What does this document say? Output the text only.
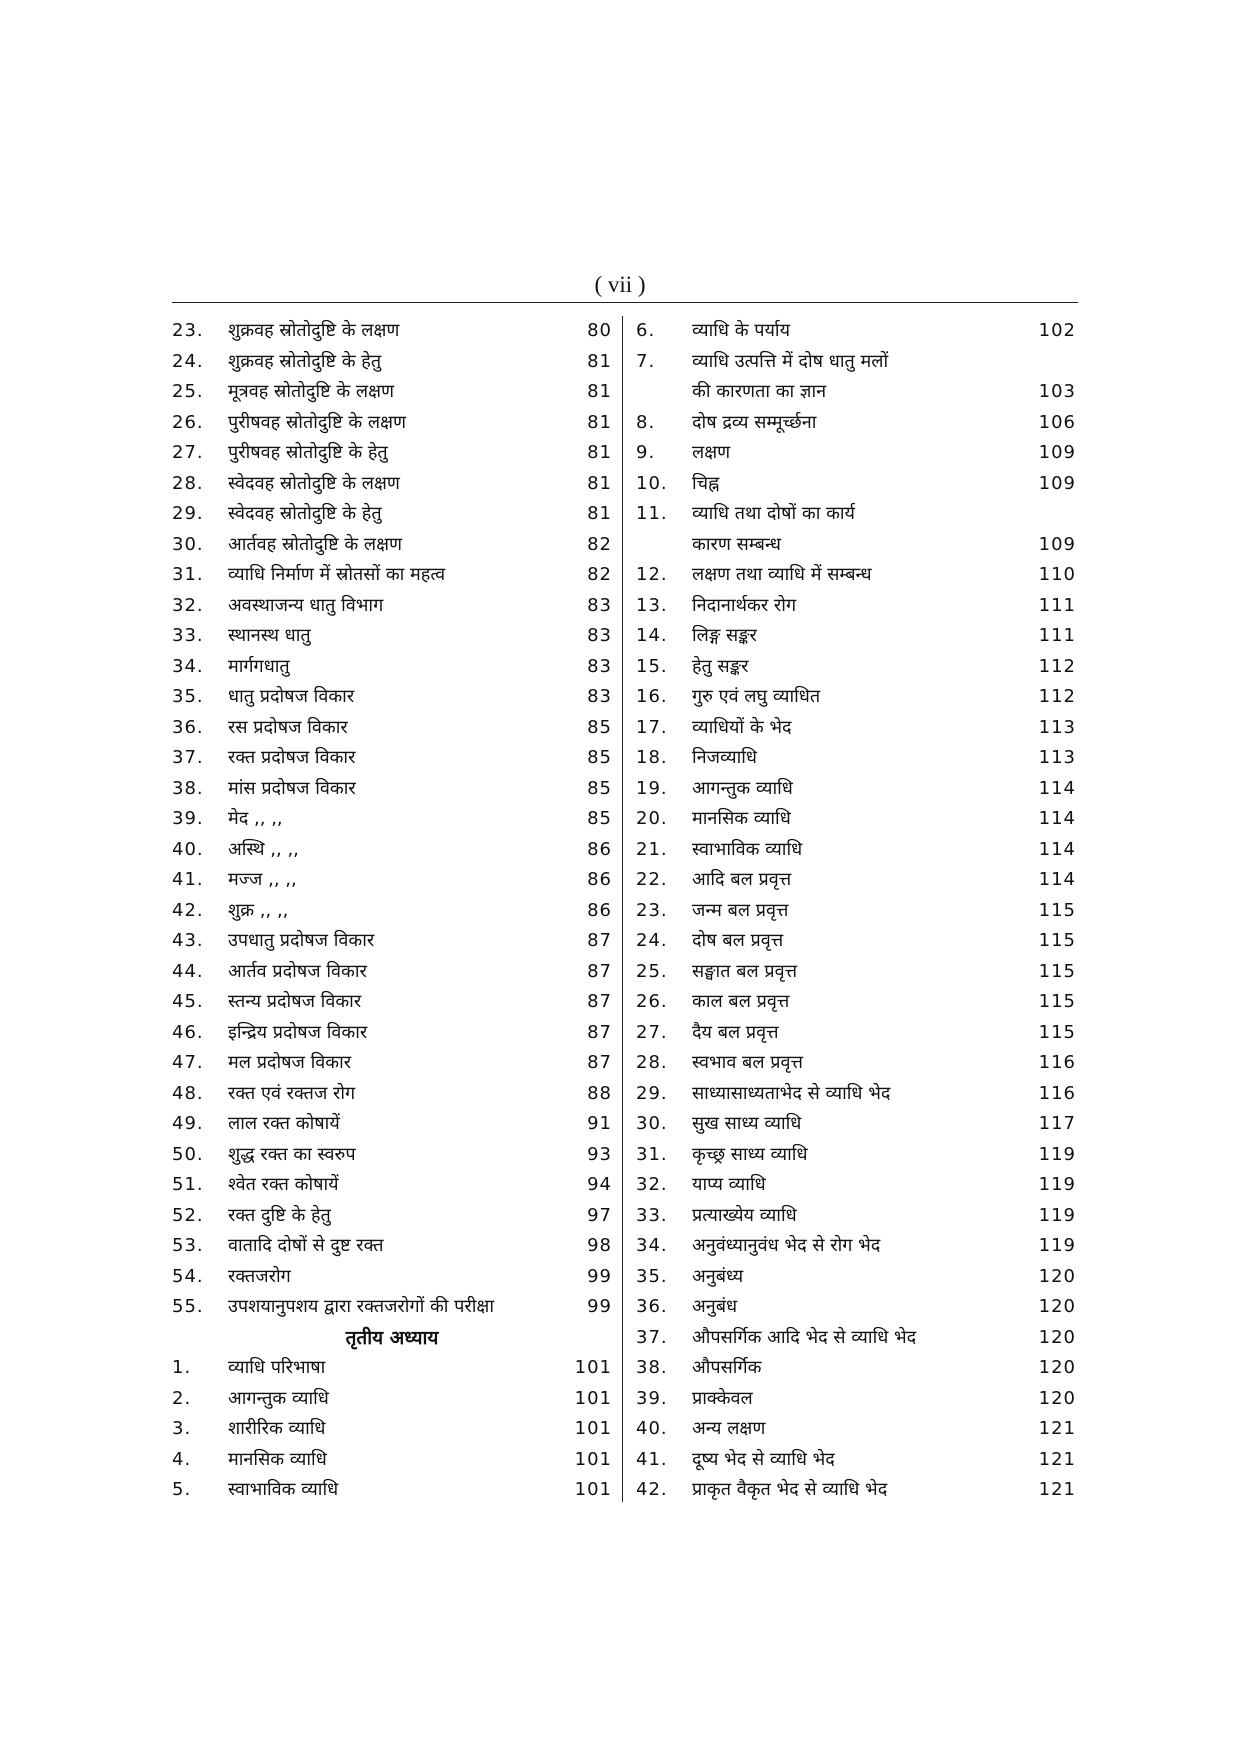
( vii )
23.	शुक्रवह स्रोतोदुष्टि के लक्षण	80
24.	शुक्रवह स्रोतोदुष्टि के हेतु	81
25.	मूत्रवह स्रोतोदुष्टि के लक्षण	81
26.	पुरीषवह स्रोतोदुष्टि के लक्षण	81
27.	पुरीषवह स्रोतोदुष्टि के हेतु	81
28.	स्वेदवह स्रोतोदुष्टि के लक्षण	81
29.	स्वेदवह स्रोतोदुष्टि के हेतु	81
30.	आर्तवह स्रोतोदुष्टि के लक्षण	82
31.	व्याधि निर्माण में स्रोतसों का महत्व	82
32.	अवस्थाजन्य धातु विभाग	83
33.	स्थानस्थ धातु	83
34.	मार्गगधातु	83
35.	धातु प्रदोषज विकार	83
36.	रस प्रदोषज विकार	85
37.	रक्त प्रदोषज विकार	85
38.	मांस प्रदोषज विकार	85
39.	मेद ,, ,,	85
40.	अस्थि ,, ,,	86
41.	मज्ज ,, ,,	86
42.	शुक्र ,, ,,	86
43.	उपधातु प्रदोषज विकार	87
44.	आर्तव प्रदोषज विकार	87
45.	स्तन्य प्रदोषज विकार	87
46.	इन्द्रिय प्रदोषज विकार	87
47.	मल प्रदोषज विकार	87
48.	रक्त एवं रक्तज रोग	88
49.	लाल रक्त कोषायें	91
50.	शुद्ध रक्त का स्वरुप	93
51.	श्वेत रक्त कोषायें	94
52.	रक्त दुष्टि के हेतु	97
53.	वातादि दोषों से दुष्ट रक्त	98
54.	रक्तजरोग	99
55.	उपशयानुपशय द्वारा रक्तजरोगों की परीक्षा	99
तृतीय अध्याय
1.	व्याधि परिभाषा	101
2.	आगन्तुक व्याधि	101
3.	शारीरिक व्याधि	101
4.	मानसिक व्याधि	101
5.	स्वाभाविक व्याधि	101
6.	व्याधि के पर्याय	102
7.	व्याधि उत्पत्ति में दोष धातु मलों
की कारणता का ज्ञान	103
8.	दोष द्रव्य सम्मूर्च्छना	106
9.	लक्षण	109
10.	चिह्न	109
11.	व्याधि तथा दोषों का कार्य
कारण सम्बन्ध	109
12.	लक्षण तथा व्याधि में सम्बन्ध	110
13.	निदानार्थकर रोग	111
14.	लिङ्ग सङ्कर	111
15.	हेतु सङ्कर	112
16.	गुरु एवं लघु व्याधित	112
17.	व्याधियों के भेद	113
18.	निजव्याधि	113
19.	आगन्तुक व्याधि	114
20.	मानसिक व्याधि	114
21.	स्वाभाविक व्याधि	114
22.	आदि बल प्रवृत्त	114
23.	जन्म बल प्रवृत्त	115
24.	दोष बल प्रवृत्त	115
25.	सङ्घात बल प्रवृत्त	115
26.	काल बल प्रवृत्त	115
27.	दैय बल प्रवृत्त	115
28.	स्वभाव बल प्रवृत्त	116
29.	साध्यासाध्यताभेद से व्याधि भेद	116
30.	सुख साध्य व्याधि	117
31.	कृच्छ्र साध्य व्याधि	119
32.	याप्य व्याधि	119
33.	प्रत्याख्येय व्याधि	119
34.	अनुवंध्यानुवंध भेद से रोग भेद	119
35.	अनुबंध्य	120
36.	अनुबंध	120
37.	औपसर्गिक आदि भेद से व्याधि भेद	120
38.	औपसर्गिक	120
39.	प्राक्केवल	120
40.	अन्य लक्षण	121
41.	दूष्य भेद से व्याधि भेद	121
42.	प्राकृत वैकृत भेद से व्याधि भेद	121
